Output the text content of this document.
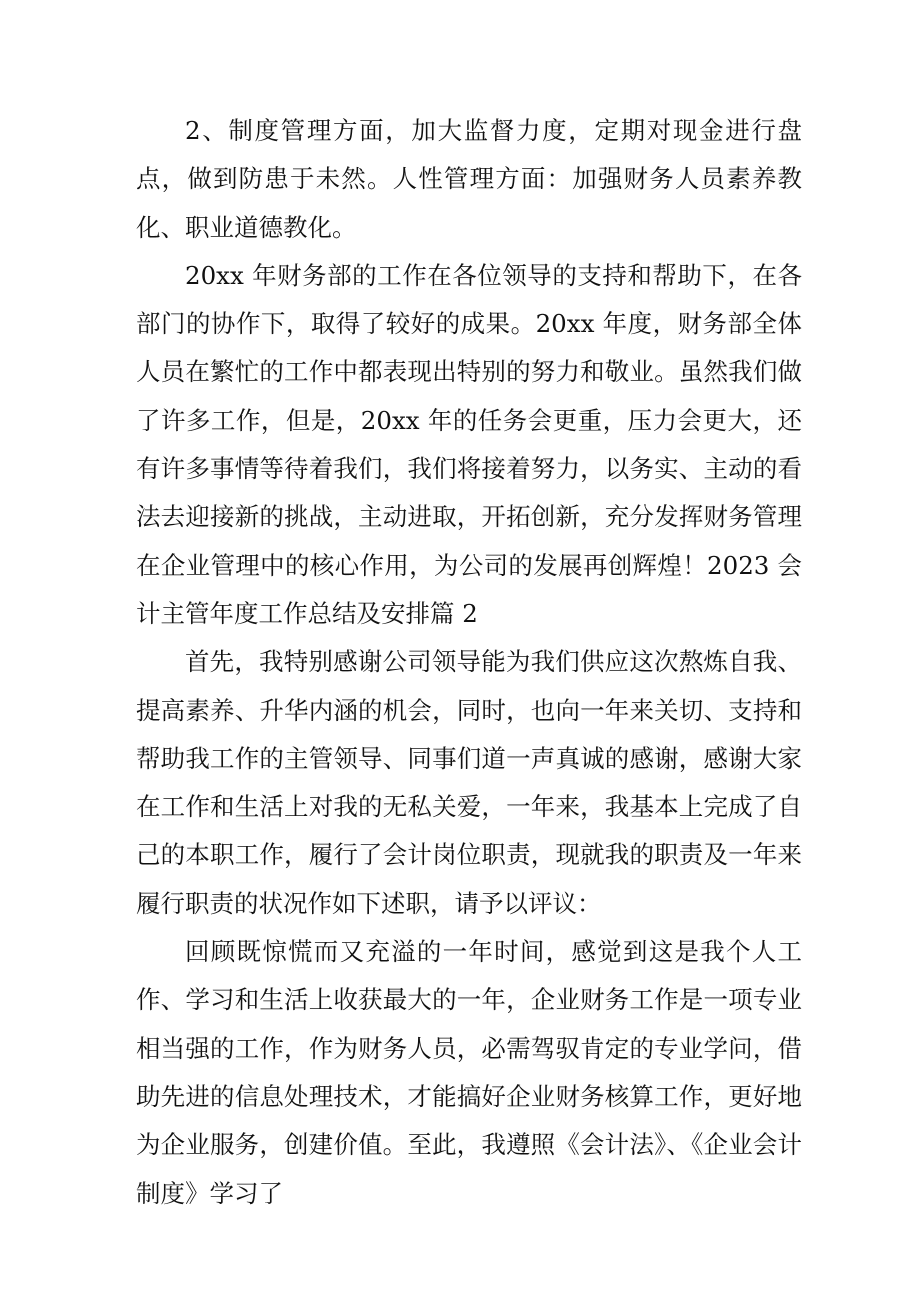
2、制度管理方面，加大监督力度，定期对现金进行盘点，做到防患于未然。人性管理方面：加强财务人员素养教化、职业道德教化。

20xx 年财务部的工作在各位领导的支持和帮助下，在各部门的协作下，取得了较好的成果。20xx 年度，财务部全体人员在繁忙的工作中都表现出特别的努力和敬业。虽然我们做了许多工作，但是，20xx 年的任务会更重，压力会更大，还有许多事情等待着我们，我们将接着努力，以务实、主动的看法去迎接新的挑战，主动进取，开拓创新，充分发挥财务管理在企业管理中的核心作用，为公司的发展再创辉煌！2023 会计主管年度工作总结及安排篇 2

首先，我特别感谢公司领导能为我们供应这次熬炼自我、提高素养、升华内涵的机会，同时，也向一年来关切、支持和帮助我工作的主管领导、同事们道一声真诚的感谢，感谢大家在工作和生活上对我的无私关爱，一年来，我基本上完成了自己的本职工作，履行了会计岗位职责，现就我的职责及一年来履行职责的状况作如下述职，请予以评议：

回顾既惊慌而又充溢的一年时间，感觉到这是我个人工作、学习和生活上收获最大的一年，企业财务工作是一项专业相当强的工作，作为财务人员，必需驾驭肯定的专业学问，借助先进的信息处理技术，才能搞好企业财务核算工作，更好地为企业服务，创建价值。至此，我遵照《会计法》、《企业会计制度》学习了
